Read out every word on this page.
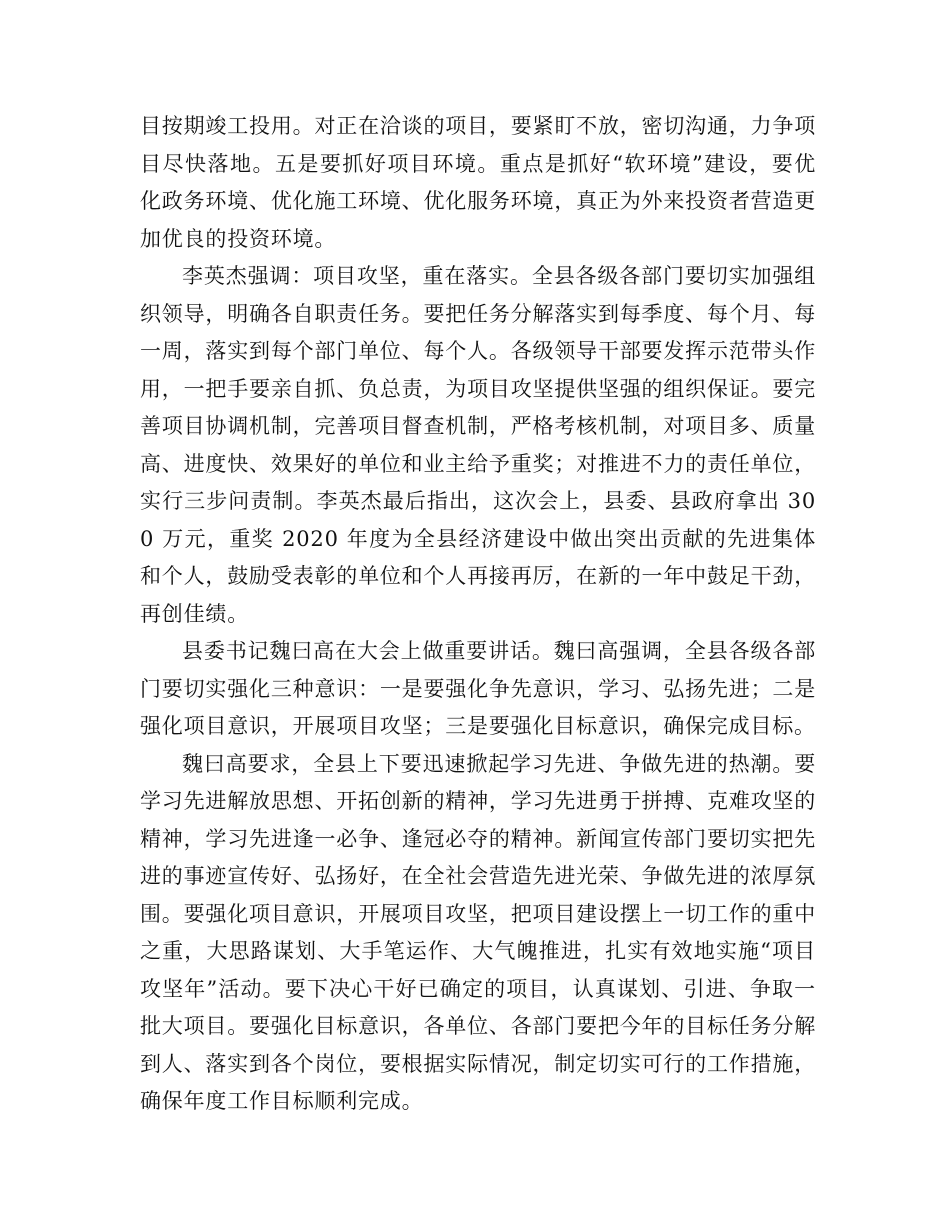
目按期竣工投用。对正在洽谈的项目，要紧盯不放，密切沟通，力争项目尽快落地。五是要抓好项目环境。重点是抓好“软环境”建设，要优化政务环境、优化施工环境、优化服务环境，真正为外来投资者营造更加优良的投资环境。

李英杰强调：项目攻坚，重在落实。全县各级各部门要切实加强组织领导，明确各自职责任务。要把任务分解落实到每季度、每个月、每一周，落实到每个部门单位、每个人。各级领导干部要发挥示范带头作用，一把手要亲自抓、负总责，为项目攻坚提供坚强的组织保证。要完善项目协调机制，完善项目督查机制，严格考核机制，对项目多、质量高、进度快、效果好的单位和业主给予重奖；对推进不力的责任单位，实行三步问责制。李英杰最后指出，这次会上，县委、县政府拿出 300 万元，重奖 2020 年度为全县经济建设中做出突出贡献的先进集体和个人，鼓励受表彰的单位和个人再接再厉，在新的一年中鼓足干劲，再创佳绩。

县委书记魏曰高在大会上做重要讲话。魏曰高强调，全县各级各部门要切实强化三种意识：一是要强化争先意识，学习、弘扬先进；二是强化项目意识，开展项目攻坚；三是要强化目标意识，确保完成目标。

魏曰高要求，全县上下要迅速掀起学习先进、争做先进的热潮。要学习先进解放思想、开拓创新的精神，学习先进勇于拼搏、克难攻坚的精神，学习先进逢一必争、逢冠必夺的精神。新闻宣传部门要切实把先进的事迹宣传好、弘扬好，在全社会营造先进光荣、争做先进的浓厚氛围。要强化项目意识，开展项目攻坚，把项目建设摆上一切工作的重中之重，大思路谋划、大手笔运作、大气魄推进，扎实有效地实施“项目攻坚年”活动。要下决心干好已确定的项目，认真谋划、引进、争取一批大项目。要强化目标意识，各单位、各部门要把今年的目标任务分解到人、落实到各个岗位，要根据实际情况，制定切实可行的工作措施，确保年度工作目标顺利完成。
